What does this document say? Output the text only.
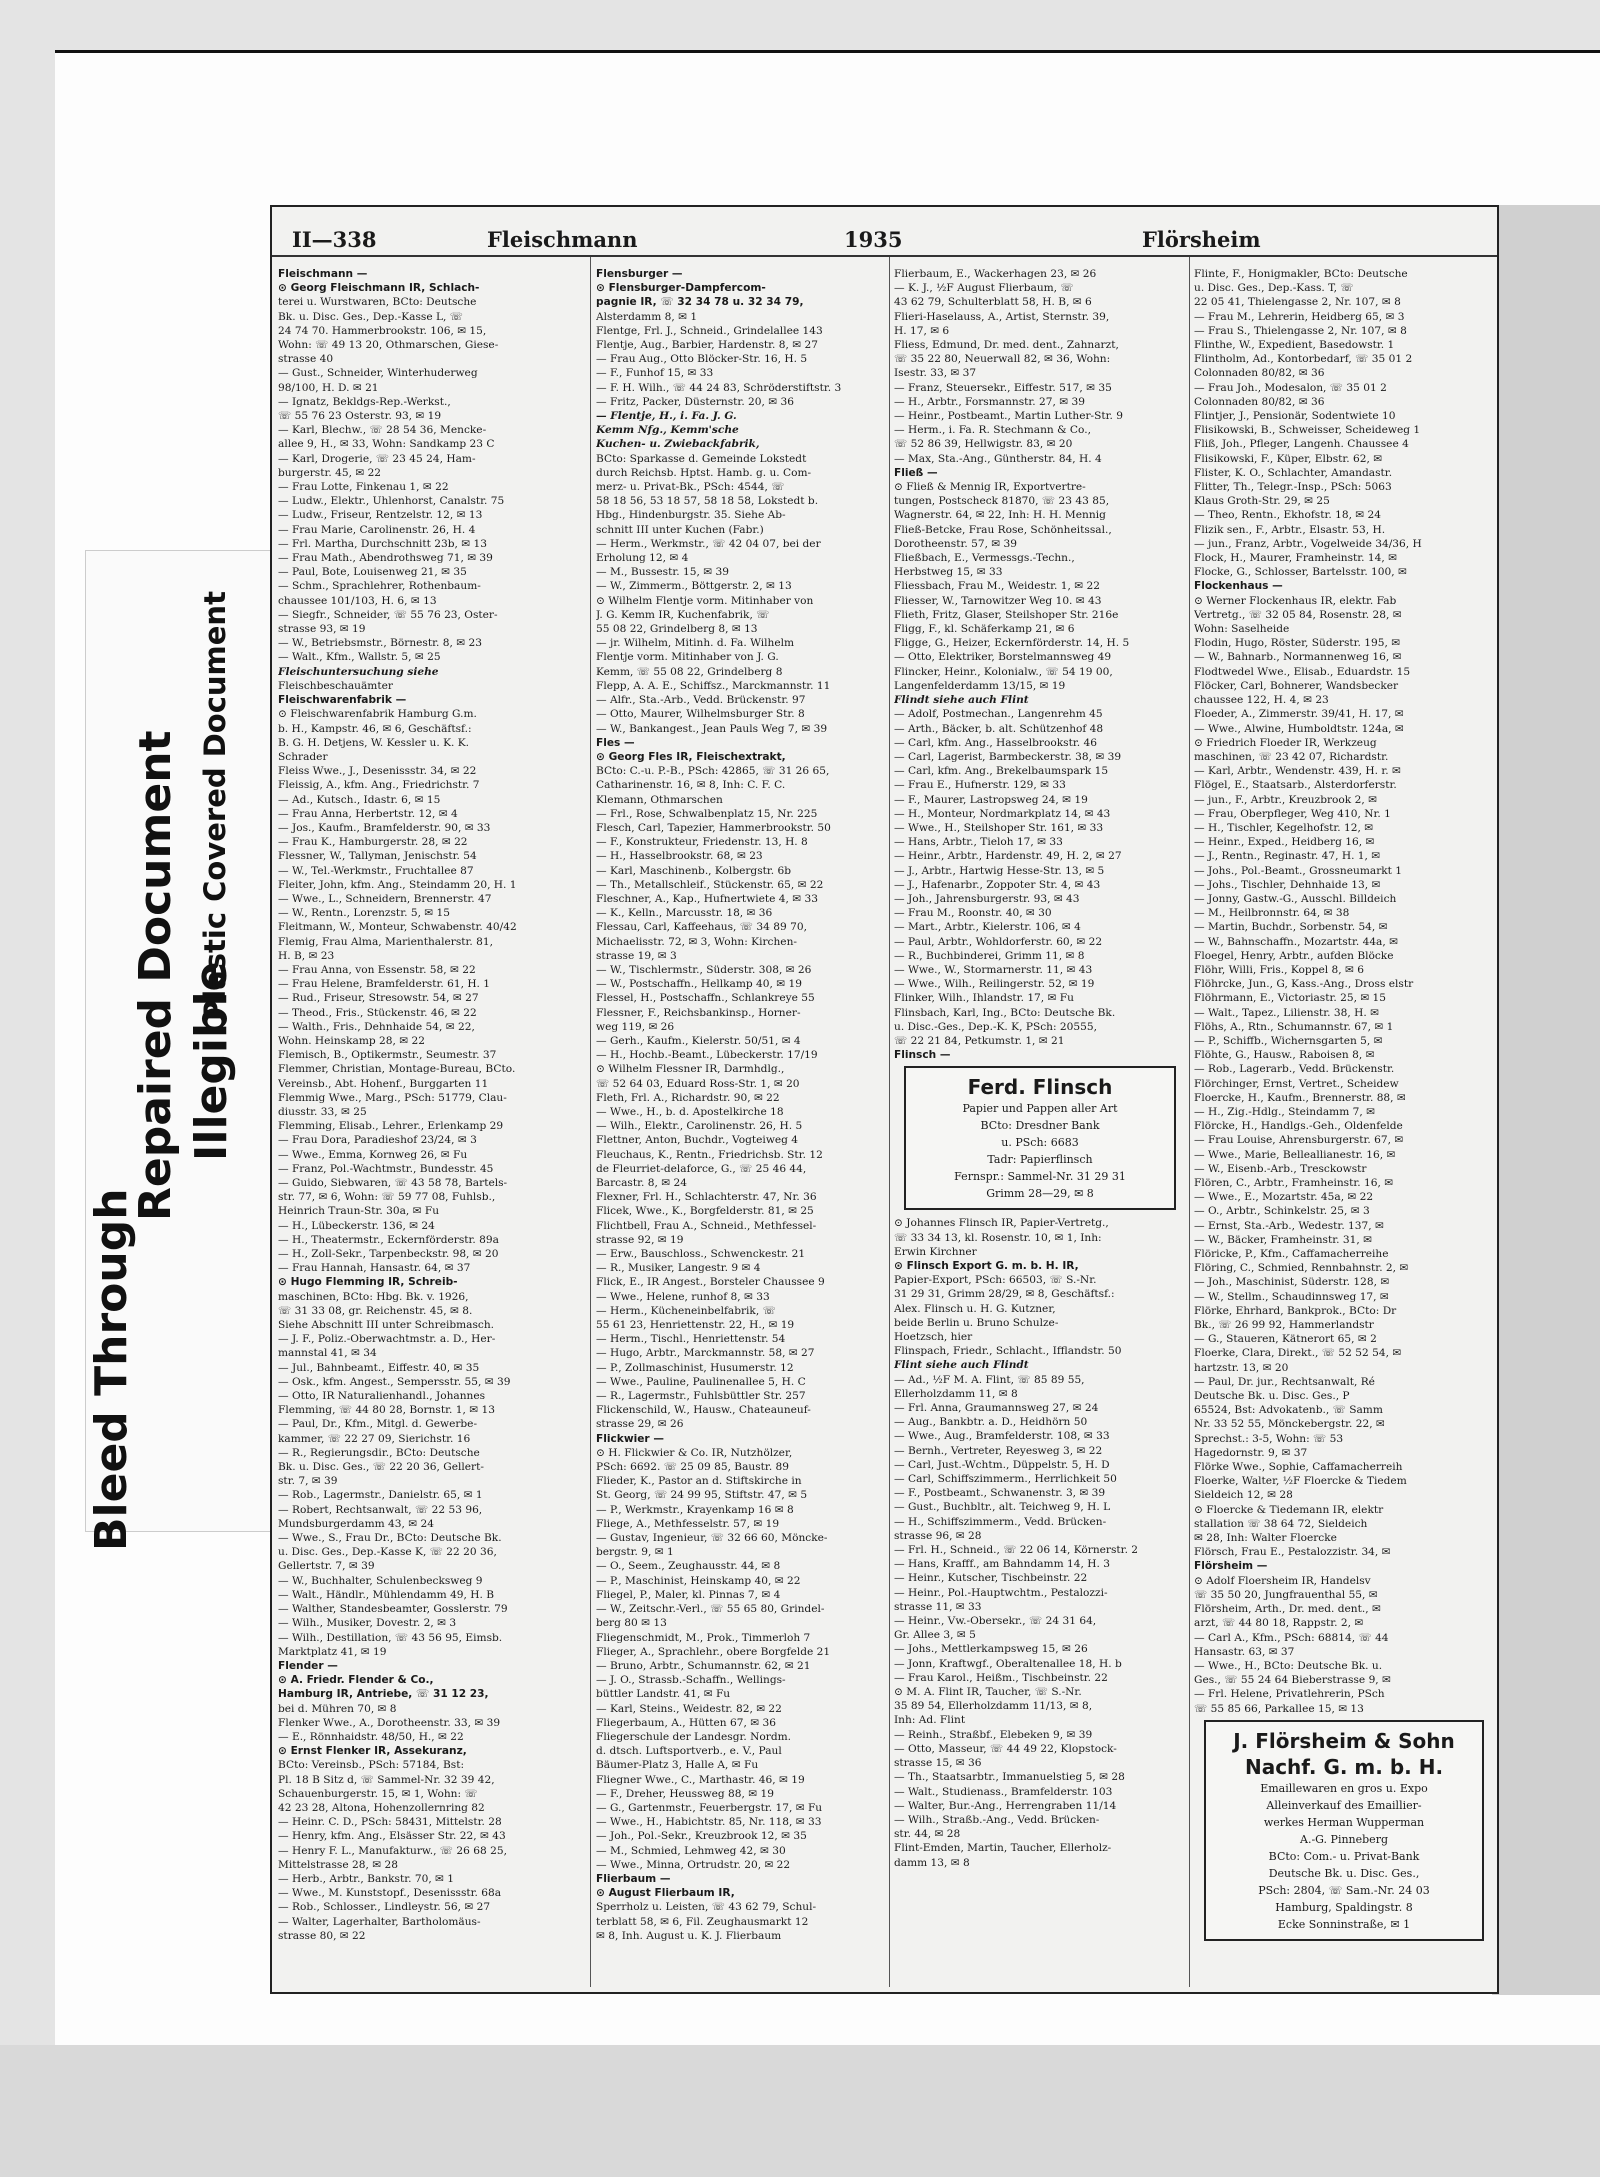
Bleed Through
Repaired Document Illegible
Plastic Covered Document
II—338	Fleischmann	1935	Flörsheim
Fleischmann —
⊙ Georg Fleischmann IR, Schlach-
terei u. Wurstwaren, BCto: Deutsche
Bk. u. Disc. Ges., Dep.-Kasse L, ☏
24 74 70. Hammerbrookstr. 106, ✉ 15,
Wohn: ☏ 49 13 20, Othmarschen, Giese-
strasse 40
— Gust., Schneider, Winterhuderweg
98/100, H. D. ✉ 21
— Ignatz, Bekldgs-Rep.-Werkst.,
☏ 55 76 23 Osterstr. 93, ✉ 19
— Karl, Blechw., ☏ 28 54 36, Mencke-
allee 9, H., ✉ 33, Wohn: Sandkamp 23 C
— Karl, Drogerie, ☏ 23 45 24, Ham-
burgerstr. 45, ✉ 22
— Frau Lotte, Finkenau 1, ✉ 22
— Ludw., Elektr., Uhlenhorst, Canalstr. 75
— Ludw., Friseur, Rentzelstr. 12, ✉ 13
— Frau Marie, Carolinenstr. 26, H. 4
— Frl. Martha, Durchschnitt 23b, ✉ 13
— Frau Math., Abendrothsweg 71, ✉ 39
— Paul, Bote, Louisenweg 21, ✉ 35
— Schm., Sprachlehrer, Rothenbaum-
chaussee 101/103, H. 6, ✉ 13
— Siegfr., Schneider, ☏ 55 76 23, Oster-
strasse 93, ✉ 19
— W., Betriebsmstr., Börnestr. 8, ✉ 23
— Walt., Kfm., Wallstr. 5, ✉ 25
Fleischuntersuchung siehe
Fleischbeschauämter
Fleischwarenfabrik —
⊙ Fleischwarenfabrik Hamburg G.m.
b. H., Kampstr. 46, ✉ 6, Geschäftsf.:
B. G. H. Detjens, W. Kessler u. K. K.
Schrader
Fleiss Wwe., J., Desenissstr. 34, ✉ 22
Fleissig, A., kfm. Ang., Friedrichstr. 7
— Ad., Kutsch., Idastr. 6, ✉ 15
— Frau Anna, Herbertstr. 12, ✉ 4
— Jos., Kaufm., Bramfelderstr. 90, ✉ 33
— Frau K., Hamburgerstr. 28, ✉ 22
Flessner, W., Tallyman, Jenischstr. 54
— W., Tel.-Werkmstr., Fruchtallee 87
Fleiter, John, kfm. Ang., Steindamm 20, H. 1
— Wwe., L., Schneidern, Brennerstr. 47
— W., Rentn., Lorenzstr. 5, ✉ 15
Fleitmann, W., Monteur, Schwabenstr. 40/42
Flemig, Frau Alma, Marienthalerstr. 81,
H. B, ✉ 23
— Frau Anna, von Essenstr. 58, ✉ 22
— Frau Helene, Bramfelderstr. 61, H. 1
— Rud., Friseur, Stresowstr. 54, ✉ 27
— Theod., Fris., Stückenstr. 46, ✉ 22
— Walth., Fris., Dehnhaide 54, ✉ 22,
Wohn. Heinskamp 28, ✉ 22
Flemisch, B., Optikermstr., Seumestr. 37
Flemmer, Christian, Montage-Bureau, BCto.
Vereinsb., Abt. Hohenf., Burggarten 11
Flemmig Wwe., Marg., PSch: 51779, Clau-
diusstr. 33, ✉ 25
Flemming, Elisab., Lehrer., Erlenkamp 29
— Frau Dora, Paradieshof 23/24, ✉ 3
— Wwe., Emma, Kornweg 26, ✉ Fu
— Franz, Pol.-Wachtmstr., Bundesstr. 45
— Guido, Siebwaren, ☏ 43 58 78, Bartels-
str. 77, ✉ 6, Wohn: ☏ 59 77 08, Fuhlsb.,
Heinrich Traun-Str. 30a, ✉ Fu
— H., Lübeckerstr. 136, ✉ 24
— H., Theatermstr., Eckernförderstr. 89a
— H., Zoll-Sekr., Tarpenbeckstr. 98, ✉ 20
— Frau Hannah, Hansastr. 64, ✉ 37
⊙ Hugo Flemming IR, Schreib-
maschinen, BCto: Hbg. Bk. v. 1926,
☏ 31 33 08, gr. Reichenstr. 45, ✉ 8.
Siehe Abschnitt III unter Schreibmasch.
— J. F., Poliz.-Oberwachtmstr. a. D., Her-
mannstal 41, ✉ 34
— Jul., Bahnbeamt., Eiffestr. 40, ✉ 35
— Osk., kfm. Angest., Sempersstr. 55, ✉ 39
— Otto, IR Naturalienhandl., Johannes
Flemming, ☏ 44 80 28, Bornstr. 1, ✉ 13
— Paul, Dr., Kfm., Mitgl. d. Gewerbe-
kammer, ☏ 22 27 09, Sierichstr. 16
— R., Regierungsdir., BCto: Deutsche
Bk. u. Disc. Ges., ☏ 22 20 36, Gellert-
str. 7, ✉ 39
— Rob., Lagermstr., Danielstr. 65, ✉ 1
— Robert, Rechtsanwalt, ☏ 22 53 96,
Mundsburgerdamm 43, ✉ 24
— Wwe., S., Frau Dr., BCto: Deutsche Bk.
u. Disc. Ges., Dep.-Kasse K, ☏ 22 20 36,
Gellertstr. 7, ✉ 39
— W., Buchhalter, Schulenbecksweg 9
— Walt., Händlr., Mühlendamm 49, H. B
— Walther, Standesbeamter, Gosslerstr. 79
— Wilh., Musiker, Dovestr. 2, ✉ 3
— Wilh., Destillation, ☏ 43 56 95, Eimsb.
Marktplatz 41, ✉ 19
Flender —
⊙ A. Friedr. Flender & Co.,
Hamburg IR, Antriebe, ☏ 31 12 23,
bei d. Mühren 70, ✉ 8
Flenker Wwe., A., Dorotheenstr. 33, ✉ 39
— E., Rönnhaidstr. 48/50, H., ✉ 22
⊙ Ernst Flenker IR, Assekuranz,
BCto: Vereinsb., PSch: 57184, Bst:
Pl. 18 B Sitz d, ☏ Sammel-Nr. 32 39 42,
Schauenburgerstr. 15, ✉ 1, Wohn: ☏
42 23 28, Altona, Hohenzollernring 82
— Heinr. C. D., PSch: 58431, Mittelstr. 28
— Henry, kfm. Ang., Elsässer Str. 22, ✉ 43
— Henry F. L., Manufakturw., ☏ 26 68 25,
Mittelstrasse 28, ✉ 28
— Herb., Arbtr., Bankstr. 70, ✉ 1
— Wwe., M. Kunststopf., Desenissstr. 68a
— Rob., Schlosser., Lindleystr. 56, ✉ 27
— Walter, Lagerhalter, Bartholomäus-
strasse 80, ✉ 22
Flensburger —
⊙ Flensburger-Dampfercom-
pagnie IR, ☏ 32 34 78 u. 32 34 79,
Alsterdamm 8, ✉ 1
Flentge, Frl. J., Schneid., Grindelallee 143
Flentje, Aug., Barbier, Hardenstr. 8, ✉ 27
— Frau Aug., Otto Blöcker-Str. 16, H. 5
— F., Funhof 15, ✉ 33
— F. H. Wilh., ☏ 44 24 83, Schröderstiftstr. 3
— Fritz, Packer, Düsternstr. 20, ✉ 36
— Flentje, H., i. Fa. J. G.
Kemm Nfg., Kemm'sche
Kuchen- u. Zwiebackfabrik,
BCto: Sparkasse d. Gemeinde Lokstedt
durch Reichsb. Hptst. Hamb. g. u. Com-
merz- u. Privat-Bk., PSch: 4544, ☏
58 18 56, 53 18 57, 58 18 58, Lokstedt b.
Hbg., Hindenburgstr. 35. Siehe Ab-
schnitt III unter Kuchen (Fabr.)
— Herm., Werkmstr., ☏ 42 04 07, bei der
Erholung 12, ✉ 4
— M., Bussestr. 15, ✉ 39
— W., Zimmerm., Böttgerstr. 2, ✉ 13
⊙ Wilhelm Flentje vorm. Mitinhaber von
J. G. Kemm IR, Kuchenfabrik, ☏
55 08 22, Grindelberg 8, ✉ 13
— jr. Wilhelm, Mitinh. d. Fa. Wilhelm
Flentje vorm. Mitinhaber von J. G.
Kemm, ☏ 55 08 22, Grindelberg 8
Flepp, A. A. E., Schiffsz., Marckmannstr. 11
— Alfr., Sta.-Arb., Vedd. Brückenstr. 97
— Otto, Maurer, Wilhelmsburger Str. 8
— W., Bankangest., Jean Pauls Weg 7, ✉ 39
Fles —
⊙ Georg Fles IR, Fleischextrakt,
BCto: C.-u. P.-B., PSch: 42865, ☏ 31 26 65,
Catharinenstr. 16, ✉ 8, Inh: C. F. C.
Klemann, Othmarschen
— Frl., Rose, Schwalbenplatz 15, Nr. 225
Flesch, Carl, Tapezier, Hammerbrookstr. 50
— F., Konstrukteur, Friedenstr. 13, H. 8
— H., Hasselbrookstr. 68, ✉ 23
— Karl, Maschinenb., Kolbergstr. 6b
— Th., Metallschleif., Stückenstr. 65, ✉ 22
Fleschner, A., Kap., Hufnertwiete 4, ✉ 33
— K., Kelln., Marcusstr. 18, ✉ 36
Flessau, Carl, Kaffeehaus, ☏ 34 89 70,
Michaelisstr. 72, ✉ 3, Wohn: Kirchen-
strasse 19, ✉ 3
— W., Tischlermstr., Süderstr. 308, ✉ 26
— W., Postschaffn., Hellkamp 40, ✉ 19
Flessel, H., Postschaffn., Schlankreye 55
Flessner, F., Reichsbankinsp., Horner-
weg 119, ✉ 26
— Gerh., Kaufm., Kielerstr. 50/51, ✉ 4
— H., Hochb.-Beamt., Lübeckerstr. 17/19
⊙ Wilhelm Flessner IR, Darmhdlg.,
☏ 52 64 03, Eduard Ross-Str. 1, ✉ 20
Fleth, Frl. A., Richardstr. 90, ✉ 22
— Wwe., H., b. d. Apostelkirche 18
— Wilh., Elektr., Carolinenstr. 26, H. 5
Flettner, Anton, Buchdr., Vogteiweg 4
Fleuchaus, K., Rentn., Friedrichsb. Str. 12
de Fleurriet-delaforce, G., ☏ 25 46 44,
Barcastr. 8, ✉ 24
Flexner, Frl. H., Schlachterstr. 47, Nr. 36
Flicek, Wwe., K., Borgfelderstr. 81, ✉ 25
Flichtbell, Frau A., Schneid., Methfessel-
strasse 92, ✉ 19
— Erw., Bauschloss., Schwenckestr. 21
— R., Musiker, Langestr. 9 ✉ 4
Flick, E., IR Angest., Borsteler Chaussee 9
— Wwe., Helene, runhof 8, ✉ 33
— Herm., Kücheneinbelfabrik, ☏
55 61 23, Henriettenstr. 22, H., ✉ 19
— Herm., Tischl., Henriettenstr. 54
— Hugo, Arbtr., Marckmannstr. 58, ✉ 27
— P., Zollmaschinist, Husumerstr. 12
— Wwe., Pauline, Paulinenallee 5, H. C
— R., Lagermstr., Fuhlsbüttler Str. 257
Flickenschild, W., Hausw., Chateauneuf-
strasse 29, ✉ 26
Flickwier —
⊙ H. Flickwier & Co. IR, Nutzhölzer,
PSch: 6692. ☏ 25 09 85, Baustr. 89
Flieder, K., Pastor an d. Stiftskirche in
St. Georg, ☏ 24 99 95, Stiftstr. 47, ✉ 5
— P., Werkmstr., Krayenkamp 16 ✉ 8
Fliege, A., Methfesselstr. 57, ✉ 19
— Gustav, Ingenieur, ☏ 32 66 60, Möncke-
bergstr. 9, ✉ 1
— O., Seem., Zeughausstr. 44, ✉ 8
— P., Maschinist, Heinskamp 40, ✉ 22
Fliegel, P., Maler, kl. Pinnas 7, ✉ 4
— W., Zeitschr.-Verl., ☏ 55 65 80, Grindel-
berg 80 ✉ 13
Fliegenschmidt, M., Prok., Timmerloh 7
Flieger, A., Sprachlehr., obere Borgfelde 21
— Bruno, Arbtr., Schumannstr. 62, ✉ 21
— J. O., Strassb.-Schaffn., Wellings-
büttler Landstr. 41, ✉ Fu
— Karl, Steins., Weidestr. 82, ✉ 22
Fliegerbaum, A., Hütten 67, ✉ 36
Fliegerschule der Landesgr. Nordm.
d. dtsch. Luftsportverb., e. V., Paul
Bäumer-Platz 3, Halle A, ✉ Fu
Fliegner Wwe., C., Marthastr. 46, ✉ 19
— F., Dreher, Heussweg 88, ✉ 19
— G., Gartenmstr., Feuerbergstr. 17, ✉ Fu
— Wwe., H., Habichtstr. 85, Nr. 118, ✉ 33
— Joh., Pol.-Sekr., Kreuzbrook 12, ✉ 35
— M., Schmied, Lehmweg 42, ✉ 30
— Wwe., Minna, Ortrudstr. 20, ✉ 22
Flierbaum —
⊙ August Flierbaum IR,
Sperrholz u. Leisten, ☏ 43 62 79, Schul-
terblatt 58, ✉ 6, Fil. Zeughausmarkt 12
✉ 8, Inh. August u. K. J. Flierbaum
Flierbaum, E., Wackerhagen 23, ✉ 26
— K. J., ½F August Flierbaum, ☏
43 62 79, Schulterblatt 58, H. B, ✉ 6
Flieri-Haselauss, A., Artist, Sternstr. 39,
H. 17, ✉ 6
Fliess, Edmund, Dr. med. dent., Zahnarzt,
☏ 35 22 80, Neuerwall 82, ✉ 36, Wohn:
Isestr. 33, ✉ 37
— Franz, Steuersekr., Eiffestr. 517, ✉ 35
— H., Arbtr., Forsmannstr. 27, ✉ 39
— Heinr., Postbeamt., Martin Luther-Str. 9
— Herm., i. Fa. R. Stechmann & Co.,
☏ 52 86 39, Hellwigstr. 83, ✉ 20
— Max, Sta.-Ang., Güntherstr. 84, H. 4
Fließ —
⊙ Fließ & Mennig IR, Exportvertre-
tungen, Postscheck 81870, ☏ 23 43 85,
Wagnerstr. 64, ✉ 22, Inh: H. H. Mennig
Fließ-Betcke, Frau Rose, Schönheitssal.,
Dorotheenstr. 57, ✉ 39
Fließbach, E., Vermessgs.-Techn.,
Herbstweg 15, ✉ 33
Fliessbach, Frau M., Weidestr. 1, ✉ 22
Fliesser, W., Tarnowitzer Weg 10. ✉ 43
Flieth, Fritz, Glaser, Steilshoper Str. 216e
Fligg, F., kl. Schäferkamp 21, ✉ 6
Fligge, G., Heizer, Eckernförderstr. 14, H. 5
— Otto, Elektriker, Borstelmannsweg 49
Flincker, Heinr., Kolonialw., ☏ 54 19 00,
Langenfelderdamm 13/15, ✉ 19
Flindt siehe auch Flint
— Adolf, Postmechan., Langenrehm 45
— Arth., Bäcker, b. alt. Schützenhof 48
— Carl, kfm. Ang., Hasselbrookstr. 46
— Carl, Lagerist, Barmbeckerstr. 38, ✉ 39
— Carl, kfm. Ang., Brekelbaumspark 15
— Frau E., Hufnerstr. 129, ✉ 33
— F., Maurer, Lastropsweg 24, ✉ 19
— H., Monteur, Nordmarkplatz 14, ✉ 43
— Wwe., H., Steilshoper Str. 161, ✉ 33
— Hans, Arbtr., Tieloh 17, ✉ 33
— Heinr., Arbtr., Hardenstr. 49, H. 2, ✉ 27
— J., Arbtr., Hartwig Hesse-Str. 13, ✉ 5
— J., Hafenarbr., Zoppoter Str. 4, ✉ 43
— Joh., Jahrensburgerstr. 93, ✉ 43
— Frau M., Roonstr. 40, ✉ 30
— Mart., Arbtr., Kielerstr. 106, ✉ 4
— Paul, Arbtr., Wohldorferstr. 60, ✉ 22
— R., Buchbinderei, Grimm 11, ✉ 8
— Wwe., W., Stormarnerstr. 11, ✉ 43
— Wwe., Wilh., Reilingerstr. 52, ✉ 19
Flinker, Wilh., Ihlandstr. 17, ✉ Fu
Flinsbach, Karl, Ing., BCto: Deutsche Bk.
u. Disc.-Ges., Dep.-K. K, PSch: 20555,
☏ 22 21 84, Petkumstr. 1, ✉ 21
Flinsch —
Ferd. Flinsch
Papier und Pappen aller Art
BCto: Dresdner Bank
u. PSch: 6683
Tadr: Papierflinsch
Fernspr.: Sammel-Nr. 31 29 31
Grimm 28—29, ✉ 8
⊙ Johannes Flinsch IR, Papier-Vertretg.,
☏ 33 34 13, kl. Rosenstr. 10, ✉ 1, Inh:
Erwin Kirchner
⊙ Flinsch Export G. m. b. H. IR,
Papier-Export, PSch: 66503, ☏ S.-Nr.
31 29 31, Grimm 28/29, ✉ 8, Geschäftsf.:
Alex. Flinsch u. H. G. Kutzner,
beide Berlin u. Bruno Schulze-
Hoetzsch, hier
Flinspach, Friedr., Schlacht., Ifflandstr. 50
Flint siehe auch Flindt
— Ad., ½F M. A. Flint, ☏ 85 89 55,
Ellerholzdamm 11, ✉ 8
— Frl. Anna, Graumannsweg 27, ✉ 24
— Aug., Bankbtr. a. D., Heidhörn 50
— Wwe., Aug., Bramfelderstr. 108, ✉ 33
— Bernh., Vertreter, Reyesweg 3, ✉ 22
— Carl, Just.-Wchtm., Düppelstr. 5, H. D
— Carl, Schiffszimmerm., Herrlichkeit 50
— F., Postbeamt., Schwanenstr. 3, ✉ 39
— Gust., Buchbltr., alt. Teichweg 9, H. L
— H., Schiffszimmerm., Vedd. Brücken-
strasse 96, ✉ 28
— Frl. H., Schneid., ☏ 22 06 14, Körnerstr. 2
— Hans, Krafff., am Bahndamm 14, H. 3
— Heinr., Kutscher, Tischbeinstr. 22
— Heinr., Pol.-Hauptwchtm., Pestalozzi-
strasse 11, ✉ 33
— Heinr., Vw.-Obersekr., ☏ 24 31 64,
Gr. Allee 3, ✉ 5
— Johs., Mettlerkampsweg 15, ✉ 26
— Jonn, Kraftwgf., Oberaltenallee 18, H. b
— Frau Karol., Heißm., Tischbeinstr. 22
⊙ M. A. Flint IR, Taucher, ☏ S.-Nr.
35 89 54, Ellerholzdamm 11/13, ✉ 8,
Inh: Ad. Flint
— Reinh., Straßbf., Elebeken 9, ✉ 39
— Otto, Masseur, ☏ 44 49 22, Klopstock-
strasse 15, ✉ 36
— Th., Staatsarbtr., Immanuelstieg 5, ✉ 28
— Walt., Studienass., Bramfelderstr. 103
— Walter, Bur.-Ang., Herrengraben 11/14
— Wilh., Straßb.-Ang., Vedd. Brücken-
str. 44, ✉ 28
Flint-Emden, Martin, Taucher, Ellerholz-
damm 13, ✉ 8
Flinte, F., Honigmakler, BCto: Deutsche
u. Disc. Ges., Dep.-Kass. T, ☏
22 05 41, Thielengasse 2, Nr. 107, ✉ 8
— Frau M., Lehrerin, Heidberg 65, ✉ 3
— Frau S., Thielengasse 2, Nr. 107, ✉ 8
Flinthe, W., Expedient, Basedowstr. 1
Flintholm, Ad., Kontorbedarf, ☏ 35 01 2
Colonnaden 80/82, ✉ 36
— Frau Joh., Modesalon, ☏ 35 01 2
Colonnaden 80/82, ✉ 36
Flintjer, J., Pensionär, Sodentwiete 10
Flisikowski, B., Schweisser, Scheideweg 1
Fliß, Joh., Pfleger, Langenh. Chaussee 4
Flisikowski, F., Küper, Elbstr. 62, ✉
Flister, K. O., Schlachter, Amandastr.
Flitter, Th., Telegr.-Insp., PSch: 5063
Klaus Groth-Str. 29, ✉ 25
— Theo, Rentn., Ekhofstr. 18, ✉ 24
Flizik sen., F., Arbtr., Elsastr. 53, H.
— jun., Franz, Arbtr., Vogelweide 34/36, H
Flock, H., Maurer, Framheinstr. 14, ✉
Flocke, G., Schlosser, Bartelsstr. 100, ✉
Flockenhaus —
⊙ Werner Flockenhaus IR, elektr. Fab
Vertretg., ☏ 32 05 84, Rosenstr. 28, ✉
Wohn: Saselheide
Flodin, Hugo, Röster, Süderstr. 195, ✉
— W., Bahnarb., Normannenweg 16, ✉
Flodtwedel Wwe., Elisab., Eduardstr. 15
Flöcker, Carl, Bohnerer, Wandsbecker
chaussee 122, H. 4, ✉ 23
Floeder, A., Zimmerstr. 39/41, H. 17, ✉
— Wwe., Alwine, Humboldtstr. 124a, ✉
⊙ Friedrich Floeder IR, Werkzeug
maschinen, ☏ 23 42 07, Richardstr.
— Karl, Arbtr., Wendenstr. 439, H. r. ✉
Flögel, E., Staatsarb., Alsterdorferstr.
— jun., F., Arbtr., Kreuzbrook 2, ✉
— Frau, Oberpfleger, Weg 410, Nr. 1
— H., Tischler, Kegelhofstr. 12, ✉
— Heinr., Exped., Heidberg 16, ✉
— J., Rentn., Reginastr. 47, H. 1, ✉
— Johs., Pol.-Beamt., Grossneumarkt 1
— Johs., Tischler, Dehnhaide 13, ✉
— Jonny, Gastw.-G., Ausschl. Billdeich
— M., Heilbronnstr. 64, ✉ 38
— Martin, Buchdr., Sorbenstr. 54, ✉
— W., Bahnschaffn., Mozartstr. 44a, ✉
Floegel, Henry, Arbtr., aufden Blöcke
Flöhr, Willi, Fris., Koppel 8, ✉ 6
Flöhrcke, Jun., G, Kass.-Ang., Dross elstr
Flöhrmann, E., Victoriastr. 25, ✉ 15
— Walt., Tapez., Lilienstr. 38, H. ✉
Flöhs, A., Rtn., Schumannstr. 67, ✉ 1
— P., Schiffb., Wichernsgarten 5, ✉
Flöhte, G., Hausw., Raboisen 8, ✉
— Rob., Lagerarb., Vedd. Brückenstr.
Flörchinger, Ernst, Vertret., Scheidew
Floercke, H., Kaufm., Brennerstr. 88, ✉
— H., Zig.-Hdlg., Steindamm 7, ✉
Flörcke, H., Handlgs.-Geh., Oldenfelde
— Frau Louise, Ahrensburgerstr. 67, ✉
— Wwe., Marie, Belleallianestr. 16, ✉
— W., Eisenb.-Arb., Tresckowstr
Flören, C., Arbtr., Framheinstr. 16, ✉
— Wwe., E., Mozartstr. 45a, ✉ 22
— O., Arbtr., Schinkelstr. 25, ✉ 3
— Ernst, Sta.-Arb., Wedestr. 137, ✉
— W., Bäcker, Framheinstr. 31, ✉
Flöricke, P., Kfm., Caffamacherreihe
Flöring, C., Schmied, Rennbahnstr. 2, ✉
— Joh., Maschinist, Süderstr. 128, ✉
— W., Stellm., Schaudinnsweg 17, ✉
Flörke, Ehrhard, Bankprok., BCto: Dr
Bk., ☏ 26 99 92, Hammerlandstr
— G., Staueren, Kätnerort 65, ✉ 2
Floerke, Clara, Direkt., ☏ 52 52 54, ✉
hartzstr. 13, ✉ 20
— Paul, Dr. jur., Rechtsanwalt, Ré
Deutsche Bk. u. Disc. Ges., P
65524, Bst: Advokatenb., ☏ Samm
Nr. 33 52 55, Mönckebergstr. 22, ✉
Sprechst.: 3-5, Wohn: ☏ 53
Hagedornstr. 9, ✉ 37
Flörke Wwe., Sophie, Caffamacherreih
Floerke, Walter, ½F Floercke & Tiedem
Sieldeich 12, ✉ 28
⊙ Floercke & Tiedemann IR, elektr
stallation ☏ 38 64 72, Sieldeich
✉ 28, Inh: Walter Floercke
Flörsch, Frau E., Pestalozzistr. 34, ✉
Flörsheim —
⊙ Adolf Floersheim IR, Handelsv
☏ 35 50 20, Jungfrauenthal 55, ✉
Flörsheim, Arth., Dr. med. dent., ✉
arzt, ☏ 44 80 18, Rappstr. 2, ✉
— Carl A., Kfm., PSch: 68814, ☏ 44
Hansastr. 63, ✉ 37
— Wwe., H., BCto: Deutsche Bk. u.
Ges., ☏ 55 24 64 Bieberstrasse 9, ✉
— Frl. Helene, Privatlehrerin, PSch
☏ 55 85 66, Parkallee 15, ✉ 13
J. Flörsheim & Sohn
Nachf. G. m. b. H.
Emaillewaren en gros u. Expo
Alleinverkauf des Emaillier-
werkes Herman Wupperman
A.-G. Pinneberg
BCto: Com.- u. Privat-Bank
Deutsche Bk. u. Disc. Ges.,
PSch: 2804, ☏ Sam.-Nr. 24 03
Hamburg, Spaldingstr. 8
Ecke Sonninstraße, ✉ 1
